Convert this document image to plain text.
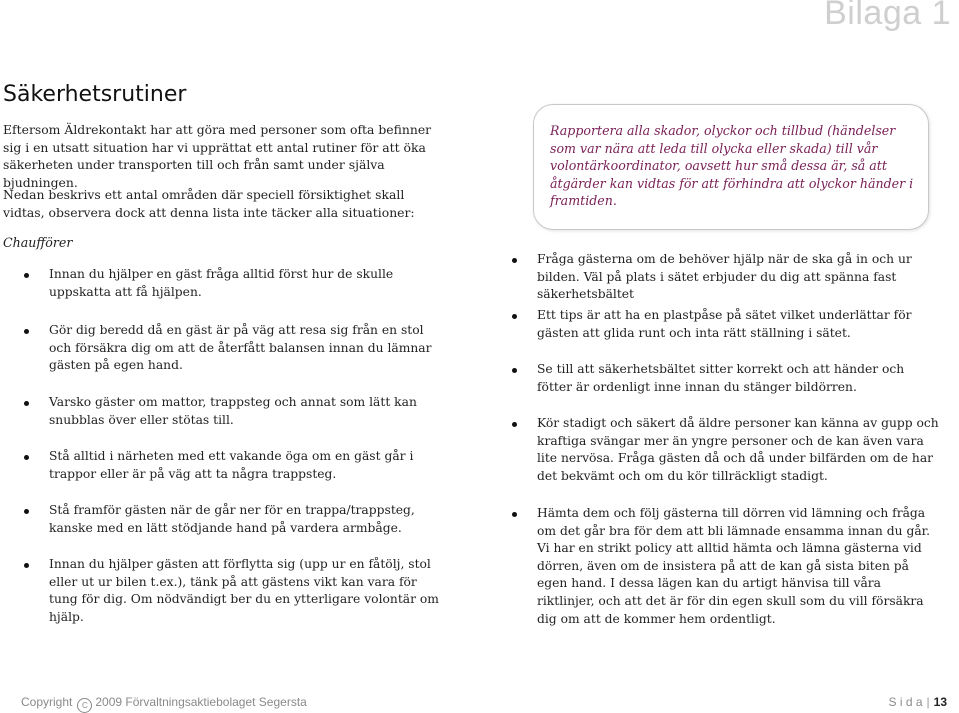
Bilaga 1
Säkerhetsrutiner
Eftersom Äldrekontakt har att göra med personer som ofta befinner sig i en utsatt situation har vi upprättat ett antal rutiner för att öka säkerheten under transporten till och från samt under själva bjudningen.
Nedan beskrivs ett antal områden där speciell försiktighet skall vidtas, observera dock att denna lista inte täcker alla situationer:
Chaufförer
Innan du hjälper en gäst fråga alltid först hur de skulle uppskatta att få hjälpen.
Gör dig beredd då en gäst är på väg att resa sig från en stol och försäkra dig om att de återfått balansen innan du lämnar gästen på egen hand.
Varsko gäster om mattor, trappsteg och annat som lätt kan snubblas över eller stötas till.
Stå alltid i närheten med ett vakande öga om en gäst går i trappor eller är på väg att ta några trappsteg.
Stå framför gästen när de går ner för en trappa/trappsteg, kanske med en lätt stödjande hand på vardera armbåge.
Innan du hjälper gästen att förflytta sig (upp ur en fåtölj, stol eller ut ur bilen t.ex.), tänk på att gästens vikt kan vara för tung för dig. Om nödvändigt ber du en ytterligare volontär om hjälp.
Rapportera alla skador, olyckor och tillbud (händelser som var nära att leda till olycka eller skada) till vår volontärkoordinator, oavsett hur små dessa är, så att åtgärder kan vidtas för att förhindra att olyckor händer i framtiden.
Fråga gästerna om de behöver hjälp när de ska gå in och ur bilden. Väl på plats i sätet erbjuder du dig att spänna fast säkerhetsbältet
Ett tips är att ha en plastpåse på sätet vilket underlättar för gästen att glida runt och inta rätt ställning i sätet.
Se till att säkerhetsbältet sitter korrekt och att händer och fötter är ordenligt inne innan du stänger bildörren.
Kör stadigt och säkert då äldre personer kan känna av gupp och kraftiga svängar mer än yngre personer och de kan även vara lite nervösa. Fråga gästen då och då under bilfärden om de har det bekvämt och om du kör tillräckligt stadigt.
Hämta dem och följ gästerna till dörren vid lämning och fråga om det går bra för dem att bli lämnade ensamma innan du går. Vi har en strikt policy att alltid hämta och lämna gästerna vid dörren, även om de insistera på att de kan gå sista biten på egen hand. I dessa lägen kan du artigt hänvisa till våra riktlinjer, och att det är för din egen skull som du vill försäkra dig om att de kommer hem ordentligt.
Copyright C 2009 Förvaltningsaktiebolaget Segersta	S i d a | 13
